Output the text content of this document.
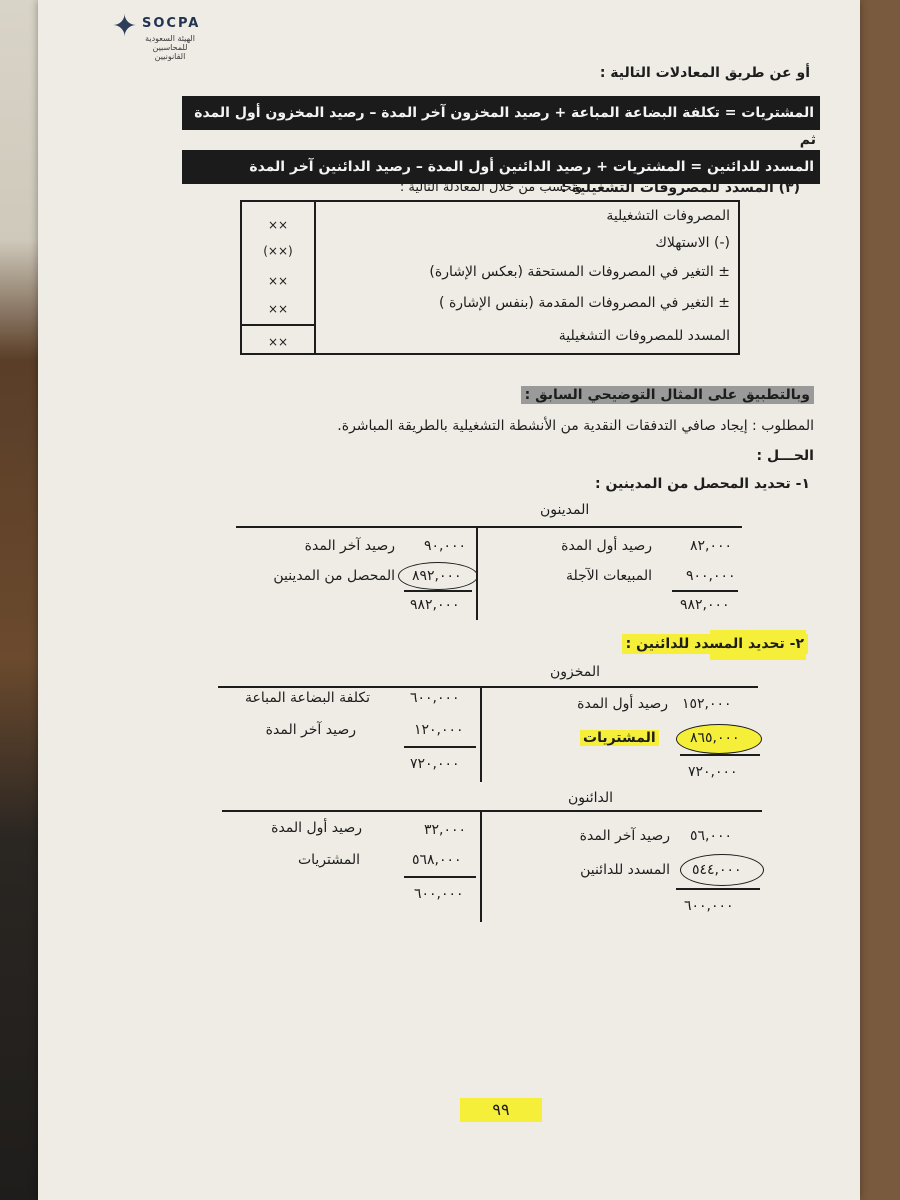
✦ SOCPA
الهيئة السعودية للمحاسبين القانونيين
أو عن طريق المعادلات التالية :
المشتريات = تكلفة البضاعة المباعة + رصيد المخزون آخر المدة – رصيد المخزون أول المدة
ثم
المسدد للدائنين = المشتريات + رصيد الدائنين أول المدة – رصيد الدائنين آخر المدة
(٣) المسدد للمصروفات التشغيلية :
وتحسب من خلال المعادلة التالية :
المصروفات التشغيلية
××
(-) الاستهلاك
(××)
± التغير في المصروفات المستحقة (بعكس الإشارة)
××
± التغير في المصروفات المقدمة (بنفس الإشارة )
××
المسدد للمصروفات التشغيلية
××
وبالتطبيق على المثال التوضيحي السابق :
المطلوب : إيجاد صافي التدفقات النقدية من الأنشطة التشغيلية بالطريقة المباشرة.
الحـــل :
١- تحديد المحصل من المدينين :
المدينون
رصيد أول المدة	٨٢,٠٠٠
المبيعات الآجلة ٩٠٠,٠٠٠
٩٨٢,٠٠٠
رصيد آخر المدة ٩٠,٠٠٠
المحصل من المدينين ٨٩٢,٠٠٠
٩٨٢,٠٠٠
٢- تحديد المسدد للدائنين :
المخزون
رصيد أول المدة ١٥٢,٠٠٠
المشتريات ٨٦٥,٠٠٠
٧٢٠,٠٠٠
تكلفة البضاعة المباعة	٦٠٠,٠٠٠
رصيد آخر المدة	١٢٠,٠٠٠
٧٢٠,٠٠٠
الدائنون
رصيد آخر المدة ٥٦,٠٠٠
المسدد للدائنين ٥٤٤,٠٠٠
٦٠٠,٠٠٠
رصيد أول المدة	٣٢,٠٠٠
المشتريات	٥٦٨,٠٠٠
٦٠٠,٠٠٠
٩٩
